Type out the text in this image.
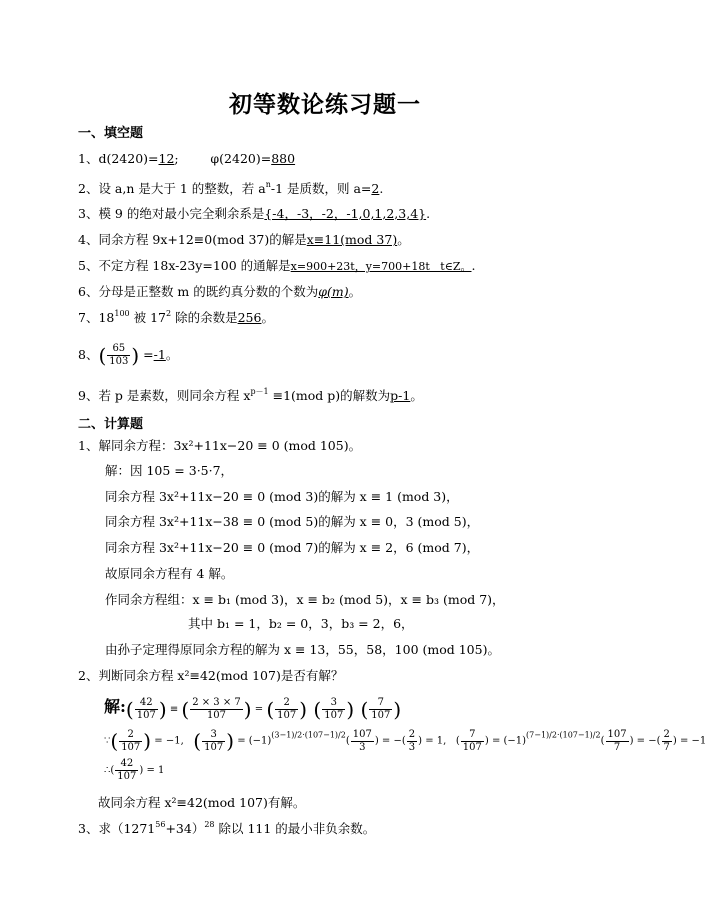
初等数论练习题一
一、填空题
1、d(2420)=12;        φ(2420)=880
2、设 a,n 是大于 1 的整数，若 $a^n-1$ 是质数，则 a=2.
3、模 9 的绝对最小完全剩余系是{-4，-3，-2，-1,0,1,2,3,4}.
4、同余方程 9x+12≡0(mod 37)的解是x≡11(mod 37)。
5、不定方程 18x-23y=100 的通解是x=900+23t，y=700+18t   t∈Z。.
6、分母是正整数 m 的既约真分数的个数为φ(m)。
7、$18^{100}$ 被 $17^2$ 除的余数是256。
8、( $\frac{65}{103}$ ) =-1。
9、若 p 是素数，则同余方程 $x^{p-1} \equiv 1(mod$ p)的解数为p-1。
二、计算题
1、解同余方程：3x²+11x−20 ≡ 0 (mod 105)。
解：因 105 = 3·5·7，
同余方程 3x²+11x−20 ≡ 0 (mod 3)的解为 x ≡ 1 (mod 3)，
同余方程 3x²+11x−38 ≡ 0 (mod 5)的解为 x ≡ 0，3 (mod 5)，
同余方程 3x²+11x−20 ≡ 0 (mod 7)的解为 x ≡ 2，6 (mod 7)，
故原同余方程有 4 解。
作同余方程组：x ≡ b₁ (mod 3)，x ≡ b₂ (mod 5)，x ≡ b₃ (mod 7)，
其中 b₁ = 1，b₂ = 0，3，b₃ = 2，6，
由孙子定理得原同余方程的解为 x ≡ 13，55，58，100 (mod 105)。
2、判断同余方程 x²≡42(mod 107)是否有解？
解:( $\frac{42}{107}$ ) ≡ ( $\frac{2 \times 3 \times 7}{107}$ ) = ( $\frac{2}{107}$ ) ( $\frac{3}{107}$ ) ( $\frac{7}{107}$ )
∵( $\frac{2}{107}$ ) = −1,   ( $\frac{3}{107}$ ) = $(-1)^{(3-1)/2\cdot(107-1)/2}( \frac{107}{3}$ ) = −( $\frac{2}{3}$ ) = 1,   ( $\frac{7}{107}$ ) = $(-1)^{(7-1)/2\cdot(107-1)/2}( \frac{107}{7}$ ) = −( $\frac{2}{7}$ ) = −1
∴( $\frac{42}{107}$ ) = 1
故同余方程 x²≡42(mod 107)有解。
3、求$(1271^{56}+34)^{28}$ 除以 111 的最小非负余数。
